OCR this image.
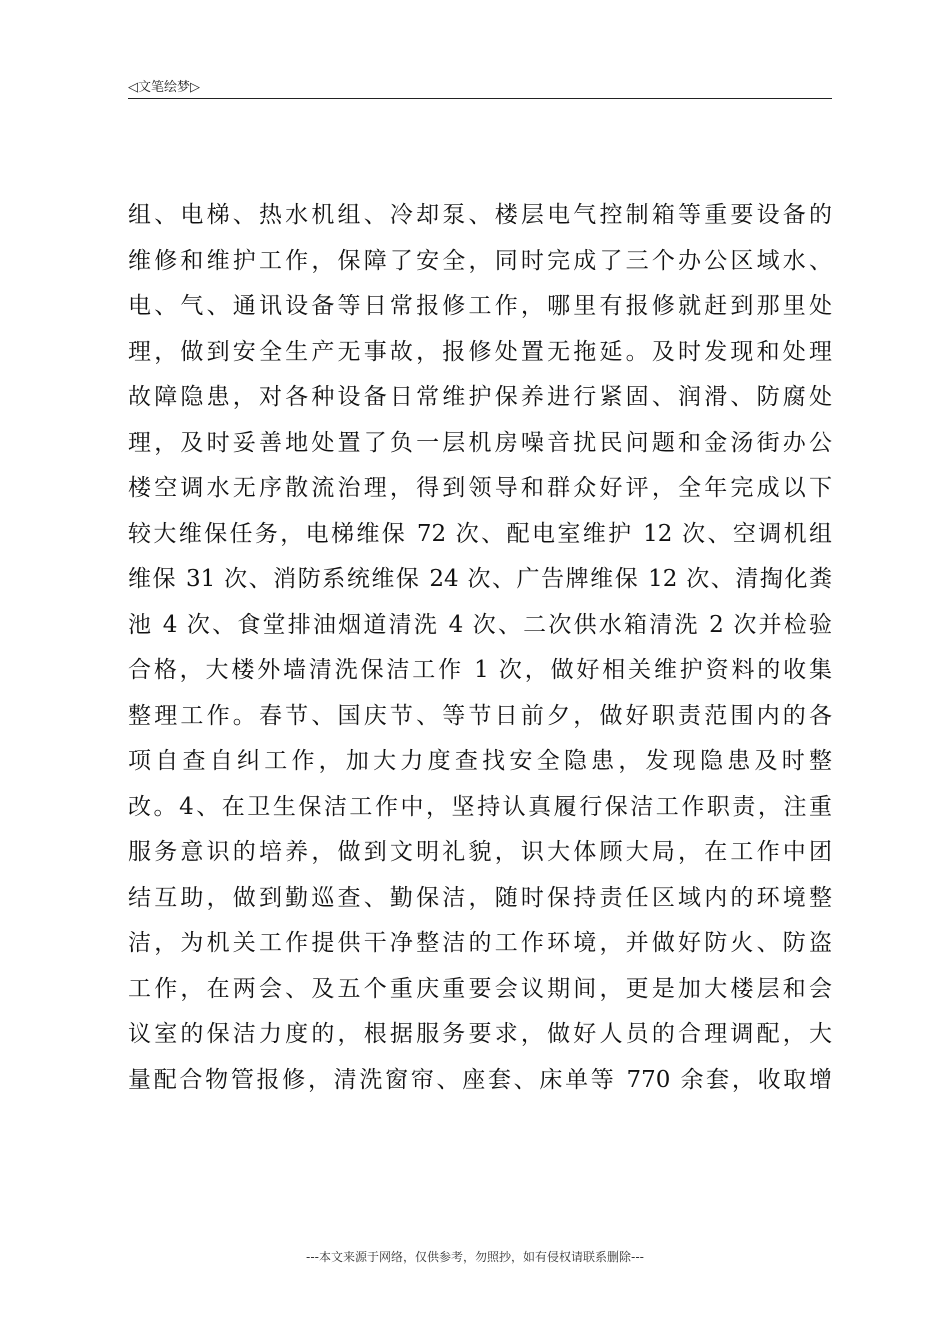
◁文笔绘梦▷
组、电梯、热水机组、冷却泵、楼层电气控制箱等重要设备的
维修和维护工作，保障了安全，同时完成了三个办公区域水、
电、气、通讯设备等日常报修工作，哪里有报修就赶到那里处
理，做到安全生产无事故，报修处置无拖延。及时发现和处理
故障隐患，对各种设备日常维护保养进行紧固、润滑、防腐处
理，及时妥善地处置了负一层机房噪音扰民问题和金汤街办公
楼空调水无序散流治理，得到领导和群众好评，全年完成以下
较大维保任务，电梯维保 72 次、配电室维护 12 次、空调机组
维保 31 次、消防系统维保 24 次、广告牌维保 12 次、清掏化粪
池 4 次、食堂排油烟道清洗 4 次、二次供水箱清洗 2 次并检验
合格，大楼外墙清洗保洁工作 1 次，做好相关维护资料的收集
整理工作。春节、国庆节、等节日前夕，做好职责范围内的各
项自查自纠工作，加大力度查找安全隐患，发现隐患及时整
改。4、在卫生保洁工作中，坚持认真履行保洁工作职责，注重
服务意识的培养，做到文明礼貌，识大体顾大局，在工作中团
结互助，做到勤巡查、勤保洁，随时保持责任区域内的环境整
洁，为机关工作提供干净整洁的工作环境，并做好防火、防盗
工作，在两会、及五个重庆重要会议期间，更是加大楼层和会
议室的保洁力度的，根据服务要求，做好人员的合理调配，大
量配合物管报修，清洗窗帘、座套、床单等 770 余套，收取增
---本文来源于网络，仅供参考，勿照抄，如有侵权请联系删除---
